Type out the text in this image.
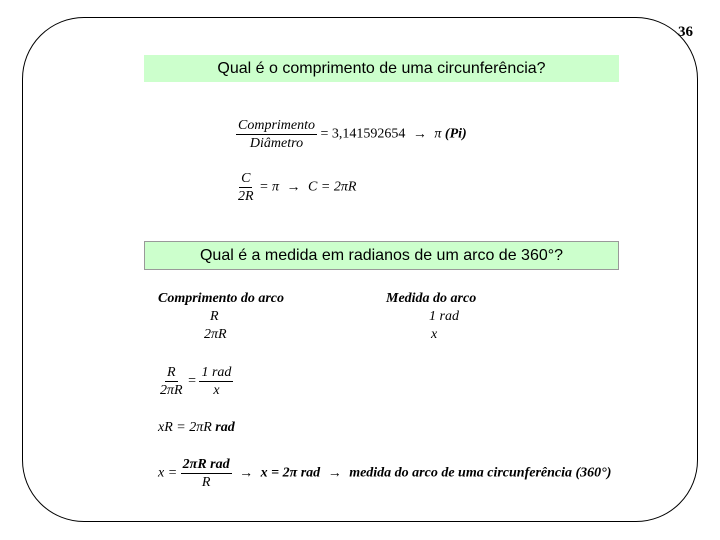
36
Qual é o comprimento de uma circunferência?
$\frac{\text{Comprimento}}{\text{Diâmetro}} = 3,141592654 \to \pi$ (Pi)
$\frac{C}{2R} = \pi \to C = 2\pi R$
Qual é a medida em radianos de um arco de 360°?
Comprimento do arco
R
2πR
Medida do arco
1 rad
x
$\frac{R}{2\pi R} = \frac{\text{1 rad}}{x}$
xR = 2πR rad
$x = \frac{\text{2πR rad}}{R} \to x = 2\pi$ rad → medida do arco de uma circunferência (360°)
